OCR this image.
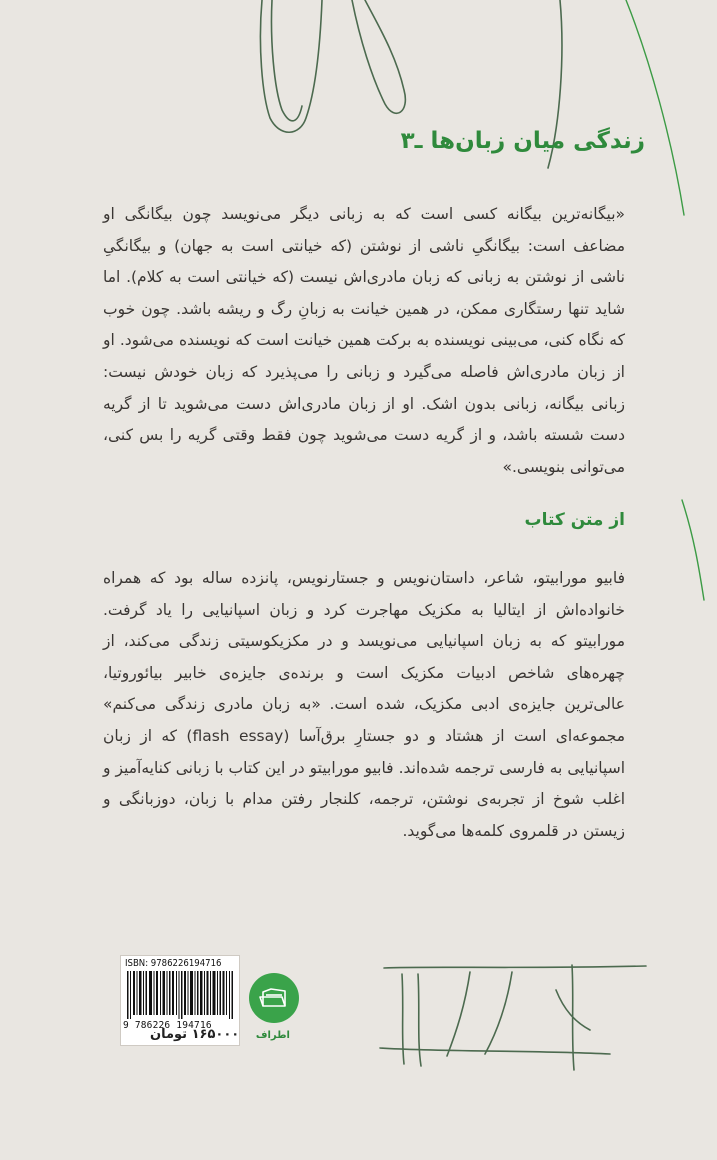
زندگی میان زبان‌ها ـ۳
«بیگانه‌ترین بیگانه کسی است که به زبانی دیگر می‌نویسد چون بیگانگی او مضاعف است: بیگانگیِ ناشی از نوشتن (که خیانتی است به جهان) و بیگانگیِ ناشی از نوشتن به زبانی که زبان مادری‌اش نیست (که خیانتی است به کلام). اما شاید تنها رستگاری ممکن، در همین خیانت به زبانِ رگ و ریشه باشد. چون خوب که نگاه کنی، می‌بینی نویسنده به برکت همین خیانت است که نویسنده می‌شود. او از زبان مادری‌اش فاصله می‌گیرد و زبانی را می‌پذیرد که زبان خودش نیست: زبانی بیگانه، زبانی بدون اشک. او از زبان مادری‌اش دست می‌شوید تا از گریه دست شسته باشد، و از گریه دست می‌شوید چون فقط وقتی گریه را بس کنی، می‌توانی بنویسی.»
از متن کتاب
فابیو مورابیتو، شاعر، داستان‌نویس و جستارنویس، پانزده ساله بود که همراه خانواده‌اش از ایتالیا به مکزیک مهاجرت کرد و زبان اسپانیایی را یاد گرفت. مورابیتو که به زبان اسپانیایی می‌نویسد و در مکزیکوسیتی زندگی می‌کند، از چهره‌های شاخص ادبیات مکزیک است و برنده‌ی جایزه‌ی خابیر بیائوروتیا، عالی‌ترین جایزه‌ی ادبی مکزیک، شده است. «به زبان مادری زندگی می‌کنم» مجموعه‌ای است از هشتاد و دو جستارِ برق‌آسا (flash essay) که از زبان اسپانیایی به فارسی ترجمه شده‌اند. فابیو مورابیتو در این کتاب با زبانی کنایه‌آمیز و اغلب شوخ از تجربه‌ی نوشتن، ترجمه، کلنجار رفتن مدام با زبان، دوزبانگی و زیستن در قلمروی کلمه‌ها می‌گوید.
ISBN: 9786226194716
9 786226 194716
۱۶۵۰۰۰ تومان اطراف
